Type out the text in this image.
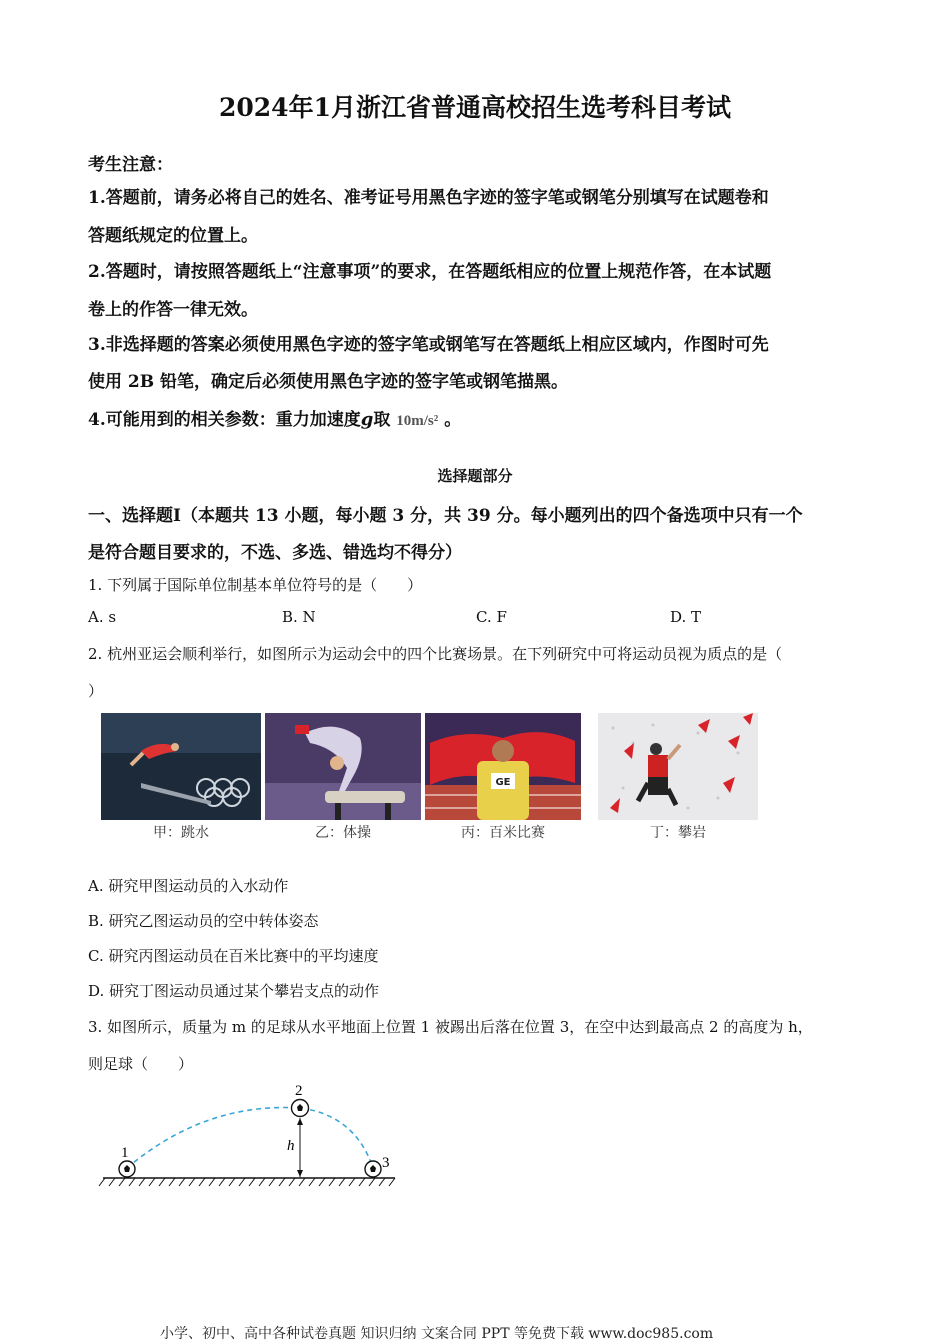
2024年1月浙江省普通高校招生选考科目考试
考生注意：
1.答题前，请务必将自己的姓名、准考证号用黑色字迹的签字笔或钢笔分别填写在试题卷和
答题纸规定的位置上。
2.答题时，请按照答题纸上“注意事项”的要求，在答题纸相应的位置上规范作答，在本试题
卷上的作答一律无效。
3.非选择题的答案必须使用黑色字迹的签字笔或钢笔写在答题纸上相应区域内，作图时可先
使用 2B 铅笔，确定后必须使用黑色字迹的签字笔或钢笔描黑。
4.可能用到的相关参数：重力加速度g取 10m/s² 。
选择题部分
一、选择题I（本题共 13 小题，每小题 3 分，共 39 分。每小题列出的四个备选项中只有一个
是符合题目要求的，不选、多选、错选均不得分）
1. 下列属于国际单位制基本单位符号的是（　　）
A. s	B. N	C. F	D. T
2. 杭州亚运会顺利举行，如图所示为运动会中的四个比赛场景。在下列研究中可将运动员视为质点的是（
）
GE
甲：跳水	乙：体操	丙：百米比赛	丁：攀岩
A. 研究甲图运动员的入水动作
B. 研究乙图运动员的空中转体姿态
C. 研究丙图运动员在百米比赛中的平均速度
D. 研究丁图运动员通过某个攀岩支点的动作
3. 如图所示，质量为 m 的足球从水平地面上位置 1 被踢出后落在位置 3，在空中达到最高点 2 的高度为 h，
则足球（　　）
1
2
3
h
小学、初中、高中各种试卷真题 知识归纳 文案合同 PPT 等免费下载 www.doc985.com
